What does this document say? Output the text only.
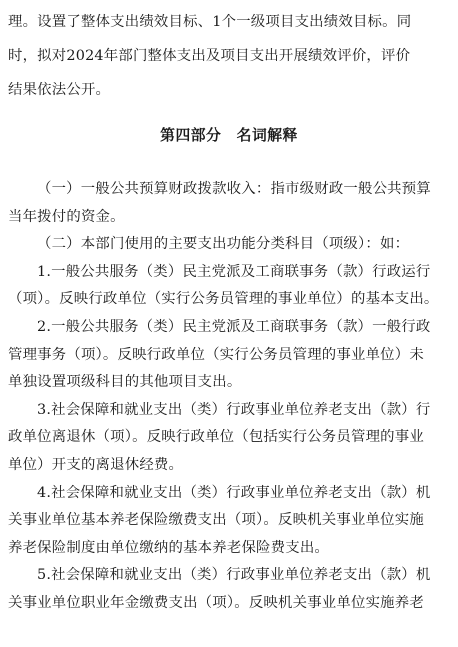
理。设置了整体支出绩效目标、1个一级项目支出绩效目标。同
时，拟对2024年部门整体支出及项目支出开展绩效评价，评价
结果依法公开。
第四部分　名词解释
（一）一般公共预算财政拨款收入：指市级财政一般公共预算
当年拨付的资金。
（二）本部门使用的主要支出功能分类科目（项级）：如：
1.一般公共服务（类）民主党派及工商联事务（款）行政运行
（项）。反映行政单位（实行公务员管理的事业单位）的基本支出。
2.一般公共服务（类）民主党派及工商联事务（款）一般行政
管理事务（项）。反映行政单位（实行公务员管理的事业单位）未
单独设置项级科目的其他项目支出。
3.社会保障和就业支出（类）行政事业单位养老支出（款）行
政单位离退休（项）。反映行政单位（包括实行公务员管理的事业
单位）开支的离退休经费。
4.社会保障和就业支出（类）行政事业单位养老支出（款）机
关事业单位基本养老保险缴费支出（项）。反映机关事业单位实施
养老保险制度由单位缴纳的基本养老保险费支出。
5.社会保障和就业支出（类）行政事业单位养老支出（款）机
关事业单位职业年金缴费支出（项）。反映机关事业单位实施养老
